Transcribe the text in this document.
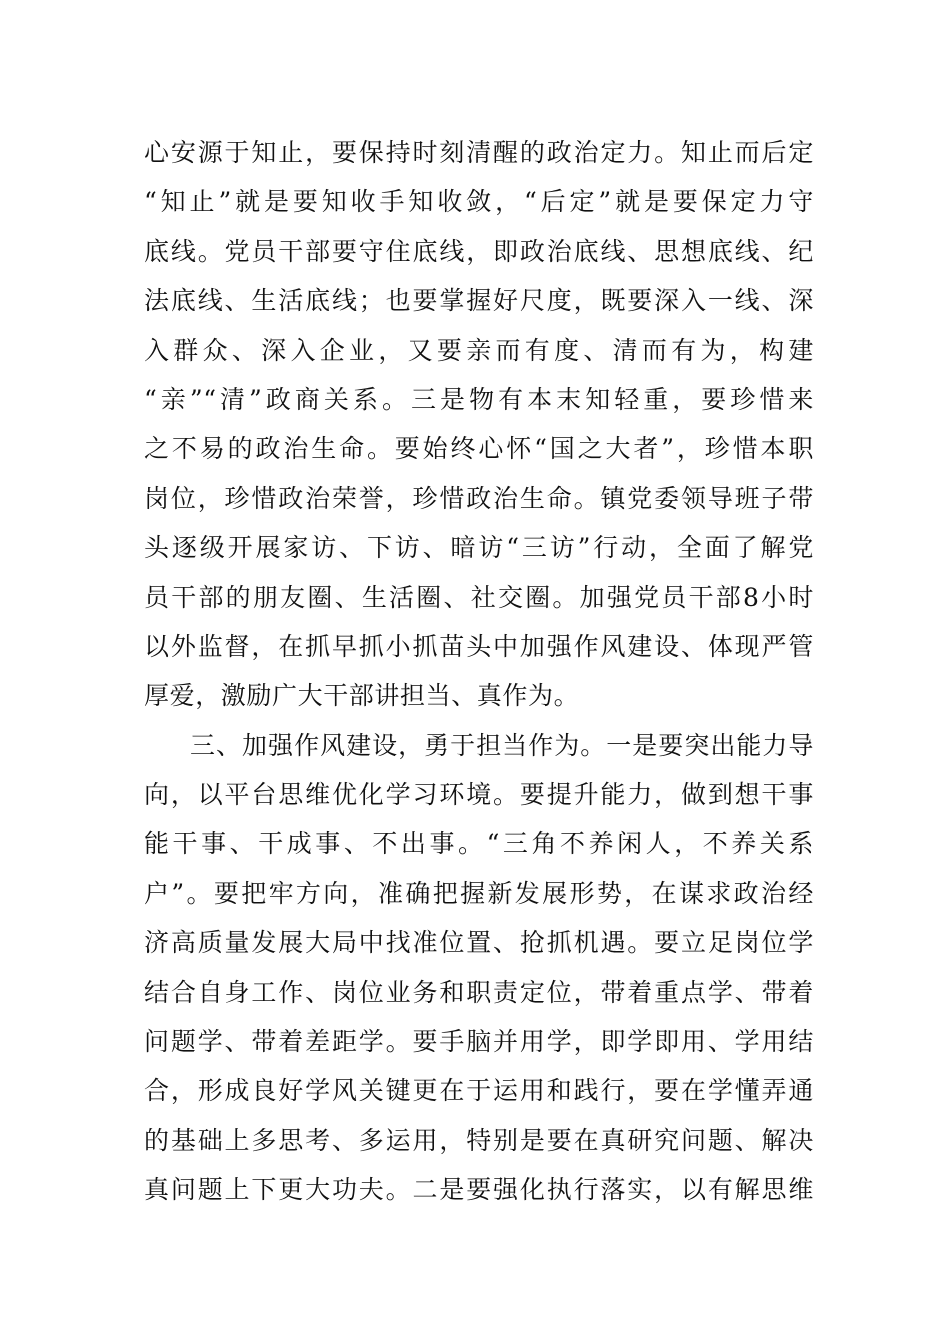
心安源于知止，要保持时刻清醒的政治定力。知止而后定
“知止”就是要知收手知收敛，“后定”就是要保定力守
底线。党员干部要守住底线，即政治底线、思想底线、纪
法底线、生活底线；也要掌握好尺度，既要深入一线、深
入群众、深入企业，又要亲而有度、清而有为，构建
“亲”“清”政商关系。三是物有本末知轻重，要珍惜来
之不易的政治生命。要始终心怀“国之大者”，珍惜本职
岗位，珍惜政治荣誉，珍惜政治生命。镇党委领导班子带
头逐级开展家访、下访、暗访“三访”行动，全面了解党
员干部的朋友圈、生活圈、社交圈。加强党员干部8小时
以外监督，在抓早抓小抓苗头中加强作风建设、体现严管
厚爱，激励广大干部讲担当、真作为。
三、加强作风建设，勇于担当作为。一是要突出能力导
向，以平台思维优化学习环境。要提升能力，做到想干事
能干事、干成事、不出事。“三角不养闲人，不养关系
户”。要把牢方向，准确把握新发展形势，在谋求政治经
济高质量发展大局中找准位置、抢抓机遇。要立足岗位学
结合自身工作、岗位业务和职责定位，带着重点学、带着
问题学、带着差距学。要手脑并用学，即学即用、学用结
合，形成良好学风关键更在于运用和践行，要在学懂弄通
的基础上多思考、多运用，特别是要在真研究问题、解决
真问题上下更大功夫。二是要强化执行落实，以有解思维
